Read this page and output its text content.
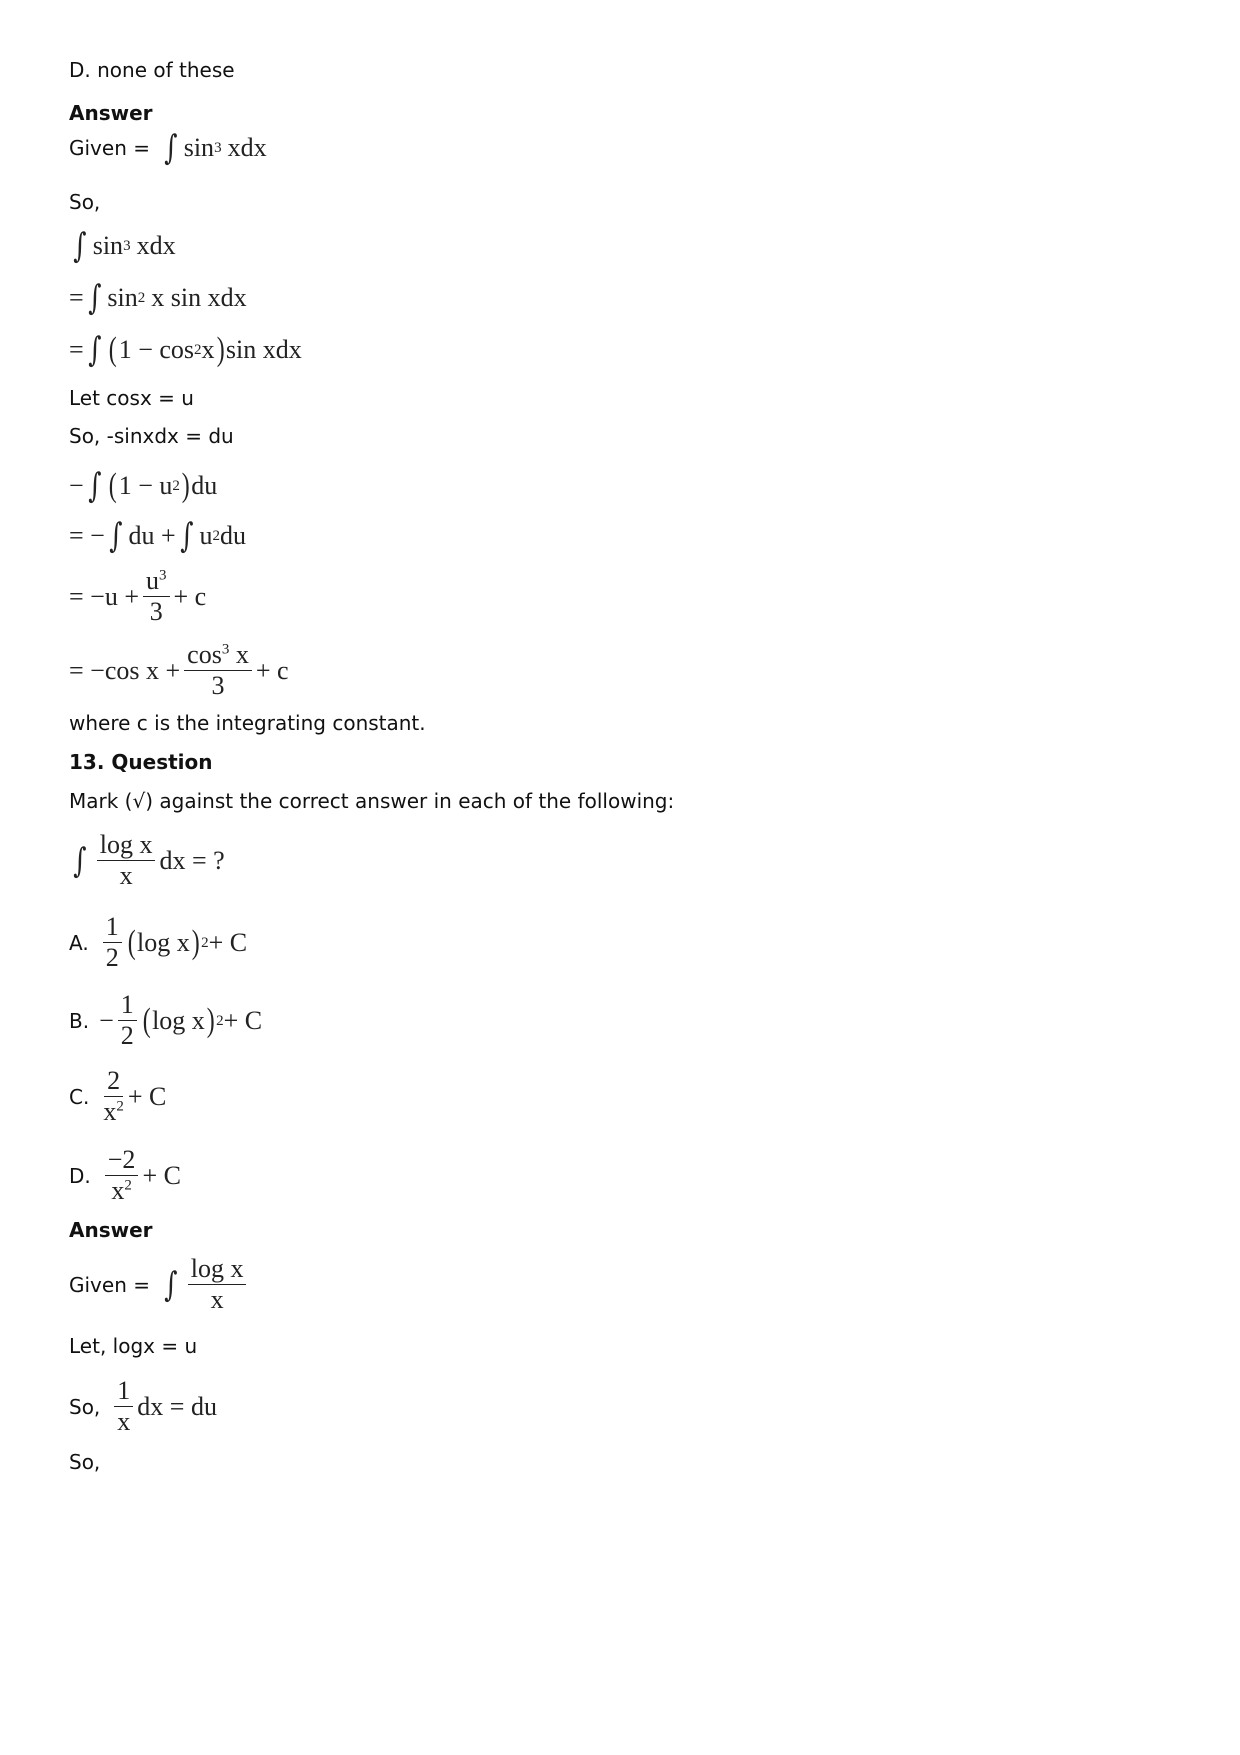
D. none of these
Answer
Given = ∫ sin 3 xdx
So,
∫ sin 3 xdx
= ∫ sin 2 x sin xdx
= ∫ ( 1 − cos 2 x ) sin xdx
Let cosx = u
So, -sinxdx = du
− ∫ ( 1 − u 2 ) du
= − ∫ du + ∫ u 2 du
= $-u + \frac{u^3}{3} + c$
= −cos $x + \frac{\cos^3 x}{3} + c$
where c is the integrating constant.
13. Question
Mark (√) against the correct answer in each of the following:
∫ $\frac{\text{log x}}{x}$ dx = ?
A. $\frac{1}{2}$ ( log x ) 2 + C
B. − $\frac{1}{2}$ ( log x ) 2 + C
C. $\frac{2}{x^2} + C$
D. $\frac{-2}{x^2} + C$
Answer
Given = ∫ $\frac{\text{log x}}{x}$
Let, logx = u
So, $\frac{1}{x}$ dx = du
So,
